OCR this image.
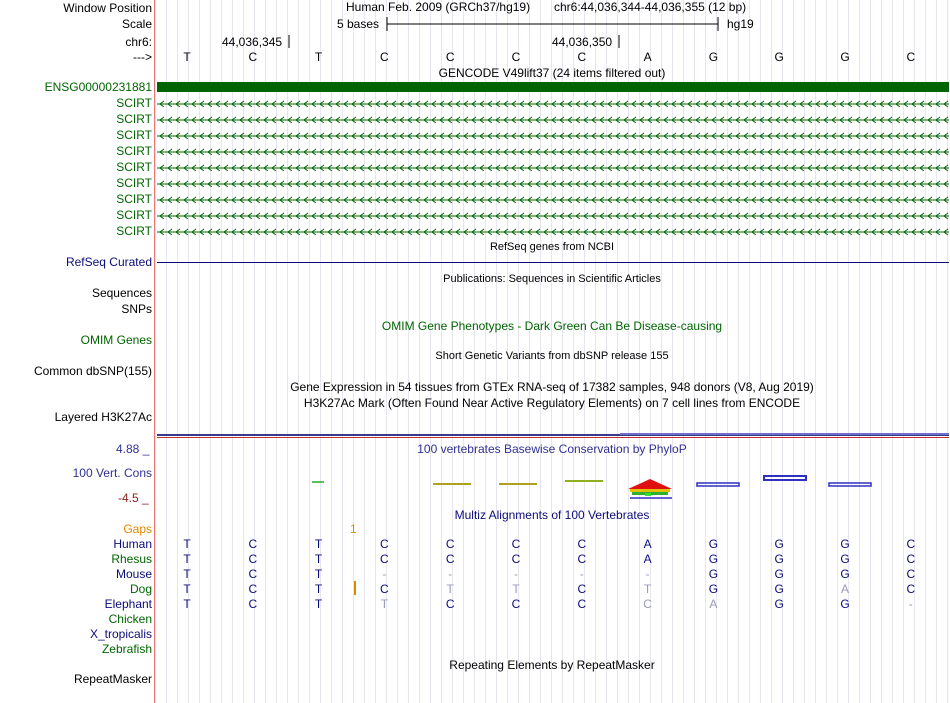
Window Position
Scale
chr6:
--->
Human Feb. 2009 (GRCh37/hg19) chr6:44,036,344-44,036,355 (12 bp)
5 bases	hg19
44,036,345	44,036,350
T	C	T	C	C	C	C	A	G	G	G	C
GENCODE V49lift37 (24 items filtered out)
ENSG00000231881
SCIRT
SCIRT
SCIRT
SCIRT
SCIRT
SCIRT
SCIRT
SCIRT
SCIRT
RefSeq genes from NCBI
RefSeq Curated
Publications: Sequences in Scientific Articles
Sequences
SNPs
OMIM Gene Phenotypes - Dark Green Can Be Disease-causing
OMIM Genes
Short Genetic Variants from dbSNP release 155
Common dbSNP(155)
Gene Expression in 54 tissues from GTEx RNA-seq of 17382 samples, 948 donors (V8, Aug 2019)
H3K27Ac Mark (Often Found Near Active Regulatory Elements) on 7 cell lines from ENCODE
Layered H3K27Ac
100 vertebrates Basewise Conservation by PhyloP
4.88 _
100 Vert. Cons
-4.5 _
Multiz Alignments of 100 Vertebrates
Gaps	1
Human	T	C	T	C	C	C	C	A	G	G	G	C
Rhesus	T	C	T	C	C	C	C	A	G	G	G	C
Mouse	T	C	T	-	-	-	-	-	G	G	G	C
Dog	T	C	T	C	T	T	C	T	G	G	A	C
Elephant	T	C	T	T	C	C	C	C	A	G	G	-
Chicken
X_tropicalis
Zebrafish
Repeating Elements by RepeatMasker
RepeatMasker
